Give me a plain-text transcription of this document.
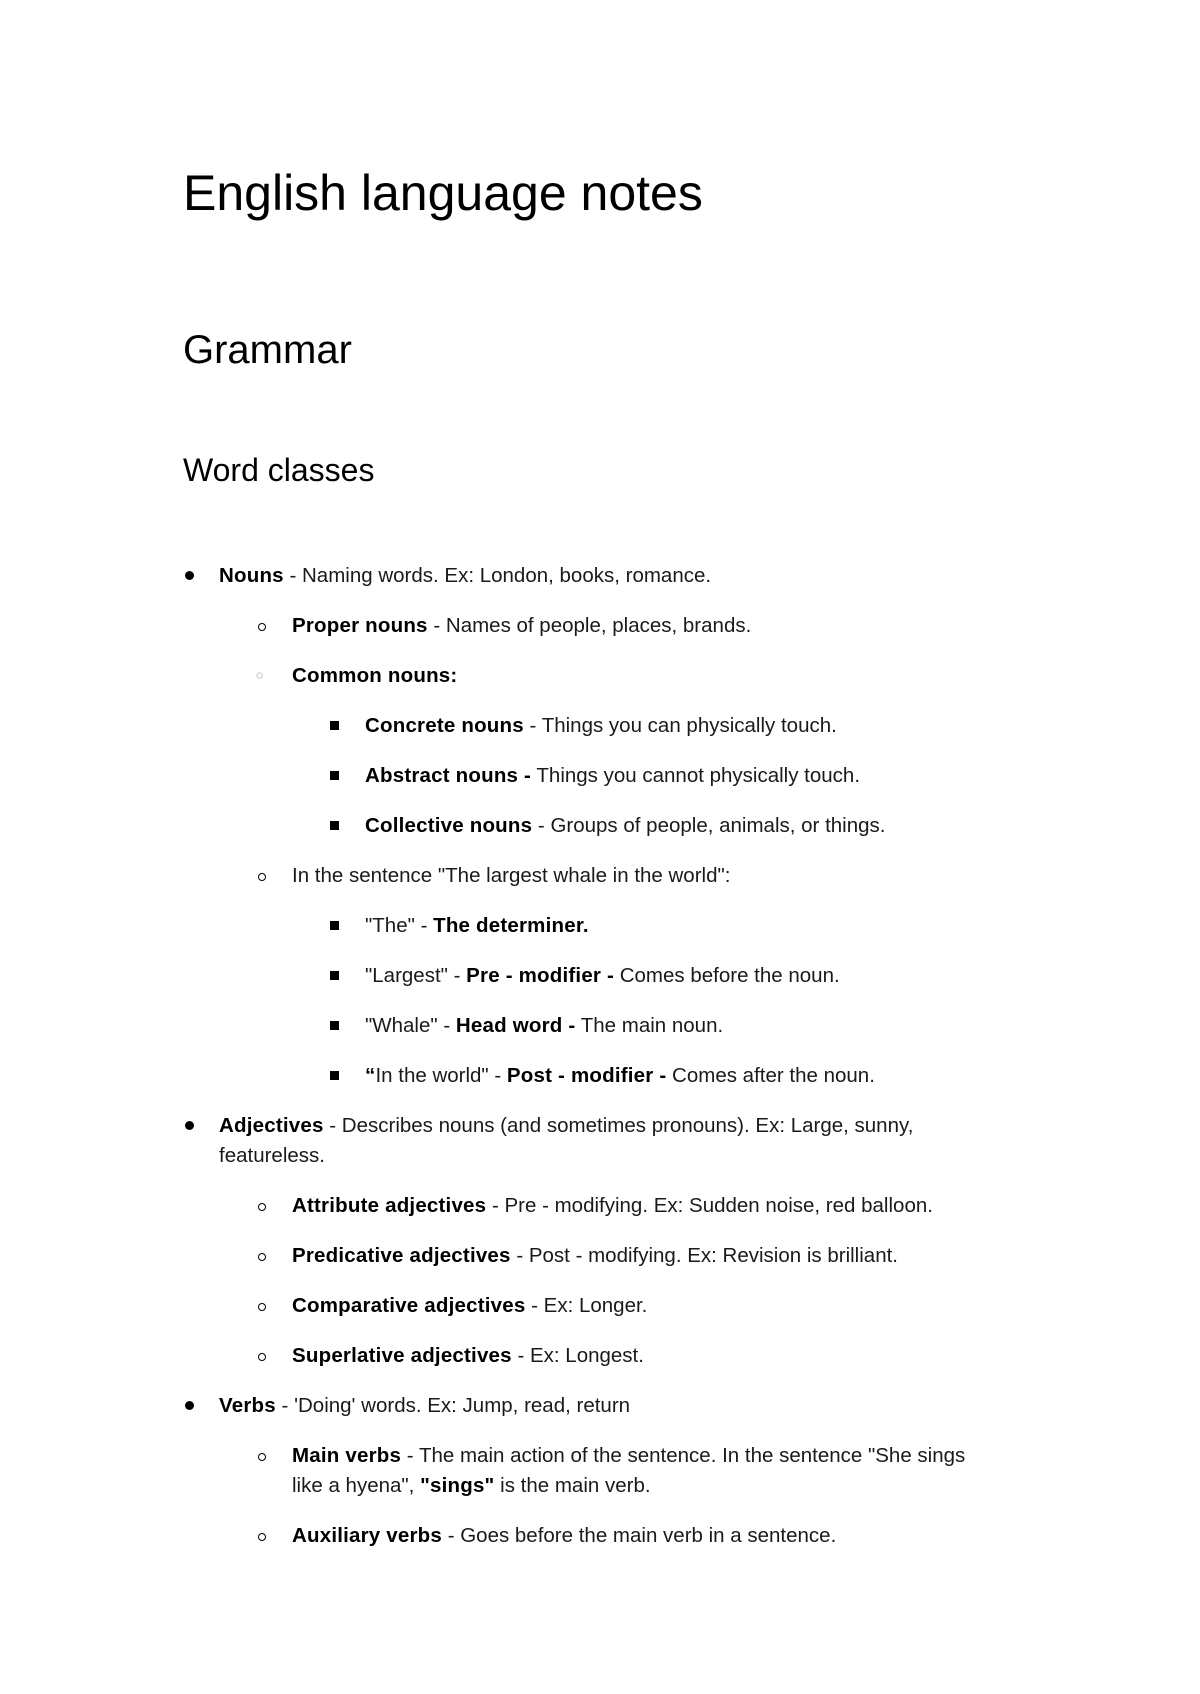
English language notes
Grammar
Word classes
Nouns - Naming words. Ex: London, books, romance.
Proper nouns - Names of people, places, brands.
◌ Common nouns:
Concrete nouns - Things you can physically touch.
Abstract nouns - Things you cannot physically touch.
Collective nouns - Groups of people, animals, or things.
In the sentence "The largest whale in the world":
"The" - The determiner.
"Largest" - Pre - modifier - Comes before the noun.
"Whale" - Head word - The main noun.
“In the world" - Post - modifier - Comes after the noun.
Adjectives - Describes nouns (and sometimes pronouns). Ex: Large, sunny,
featureless.
Attribute adjectives - Pre - modifying. Ex: Sudden noise, red balloon.
Predicative adjectives - Post - modifying. Ex: Revision is brilliant.
Comparative adjectives - Ex: Longer.
Superlative adjectives - Ex: Longest.
Verbs - 'Doing' words. Ex: Jump, read, return
Main verbs - The main action of the sentence. In the sentence "She sings
like a hyena", "sings" is the main verb.
Auxiliary verbs - Goes before the main verb in a sentence.
